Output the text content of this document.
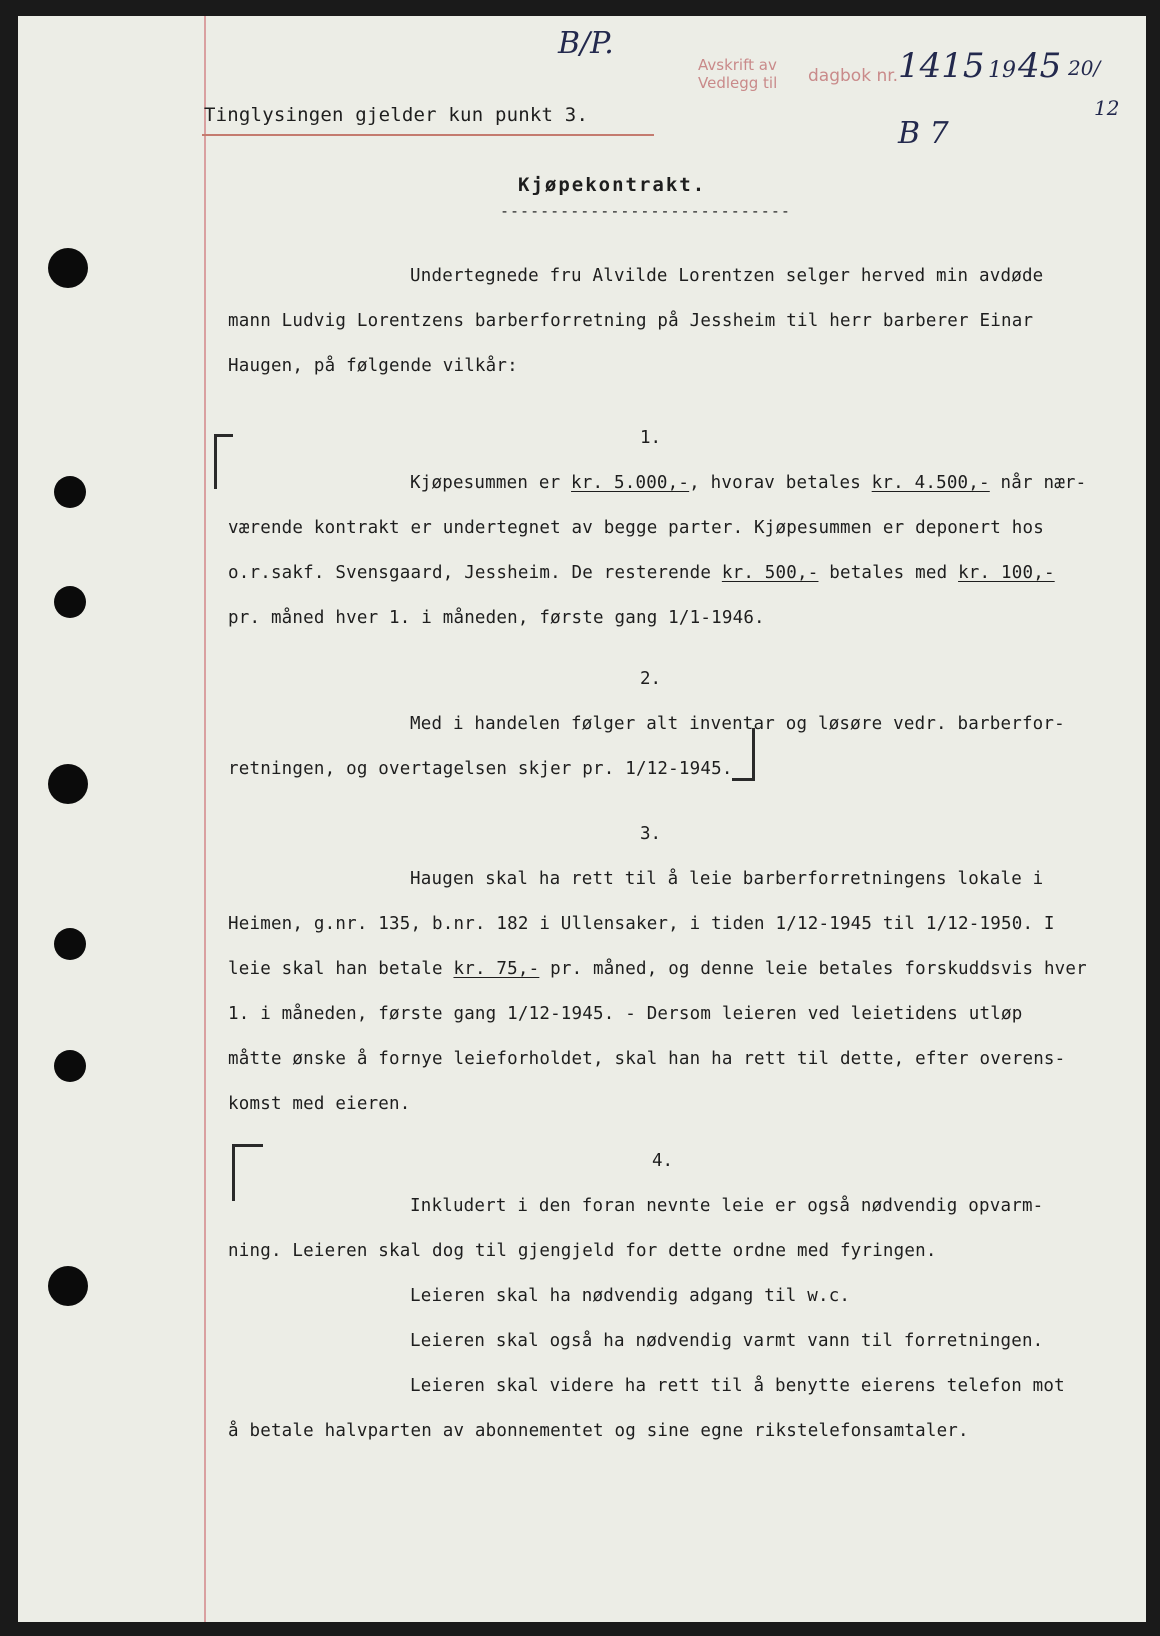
B/P.
B 7
Avskrift av
Vedlegg til dagbok nr. 1415 19 45 20/
12
Tinglysingen gjelder kun punkt 3.
Kjøpekontrakt.
-----------------------------
Undertegnede fru Alvilde Lorentzen selger herved min avdøde
mann Ludvig Lorentzens barberforretning på Jessheim til herr barberer Einar
Haugen, på følgende vilkår:
1.
Kjøpesummen er kr. 5.000,-, hvorav betales kr. 4.500,- når nær-
værende kontrakt er undertegnet av begge parter. Kjøpesummen er deponert hos
o.r.sakf. Svensgaard, Jessheim. De resterende kr. 500,- betales med kr. 100,-
pr. måned hver 1. i måneden, første gang 1/1-1946.
2.
Med i handelen følger alt inventar og løsøre vedr. barberfor-
retningen, og overtagelsen skjer pr. 1/12-1945.
3.
Haugen skal ha rett til å leie barberforretningens lokale i
Heimen, g.nr. 135, b.nr. 182 i Ullensaker, i tiden 1/12-1945 til 1/12-1950. I
leie skal han betale kr. 75,- pr. måned, og denne leie betales forskuddsvis hver
1. i måneden, første gang 1/12-1945. - Dersom leieren ved leietidens utløp
måtte ønske å fornye leieforholdet, skal han ha rett til dette, efter overens-
komst med eieren.
4.
Inkludert i den foran nevnte leie er også nødvendig opvarm-
ning. Leieren skal dog til gjengjeld for dette ordne med fyringen.
Leieren skal ha nødvendig adgang til w.c.
Leieren skal også ha nødvendig varmt vann til forretningen.
Leieren skal videre ha rett til å benytte eierens telefon mot
å betale halvparten av abonnementet og sine egne rikstelefonsamtaler.
